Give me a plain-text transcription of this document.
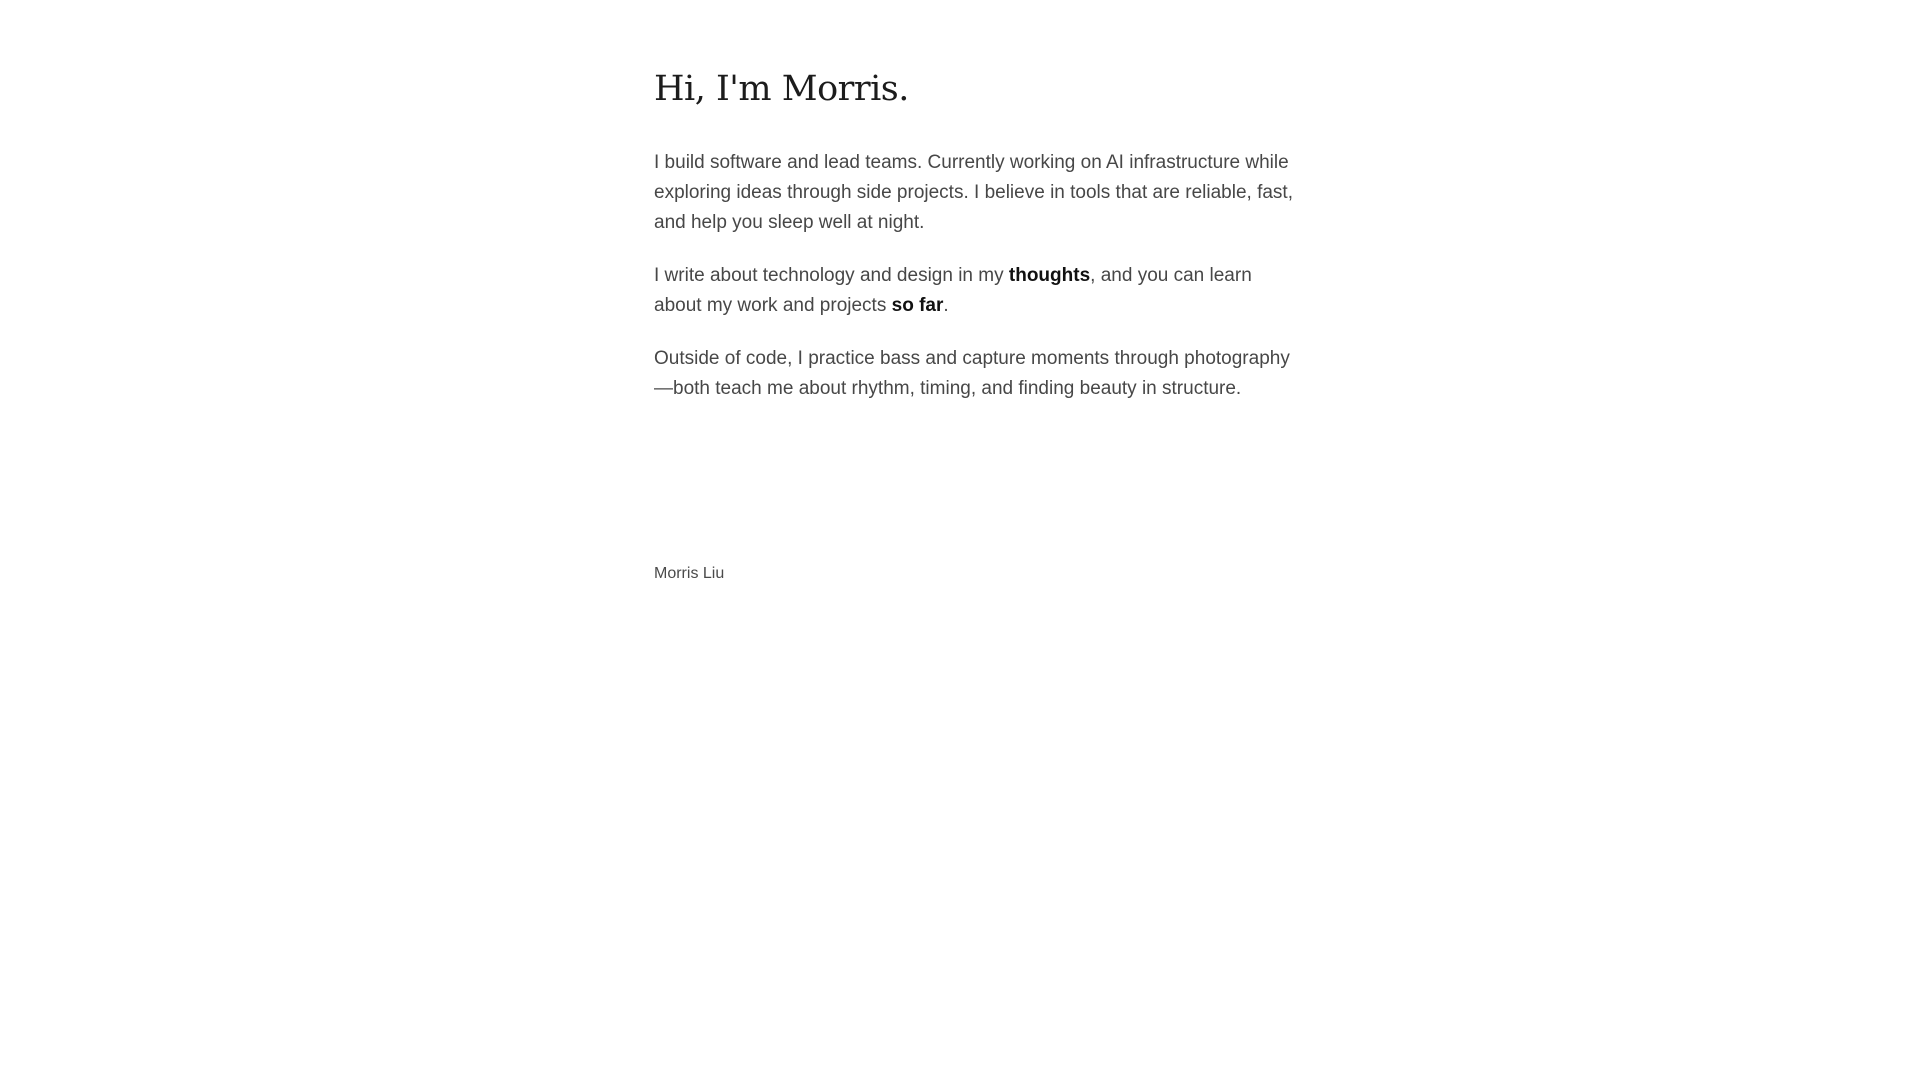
Hi, I'm Morris.

I build software and lead teams. Currently working on AI infrastructure while exploring ideas through side projects. I believe in tools that are reliable, fast, and help you sleep well at night.

I write about technology and design in my thoughts, and you can learn about my work and projects so far.

Outside of code, I practice bass and capture moments through photography—both teach me about rhythm, timing, and finding beauty in structure.

Morris Liu
